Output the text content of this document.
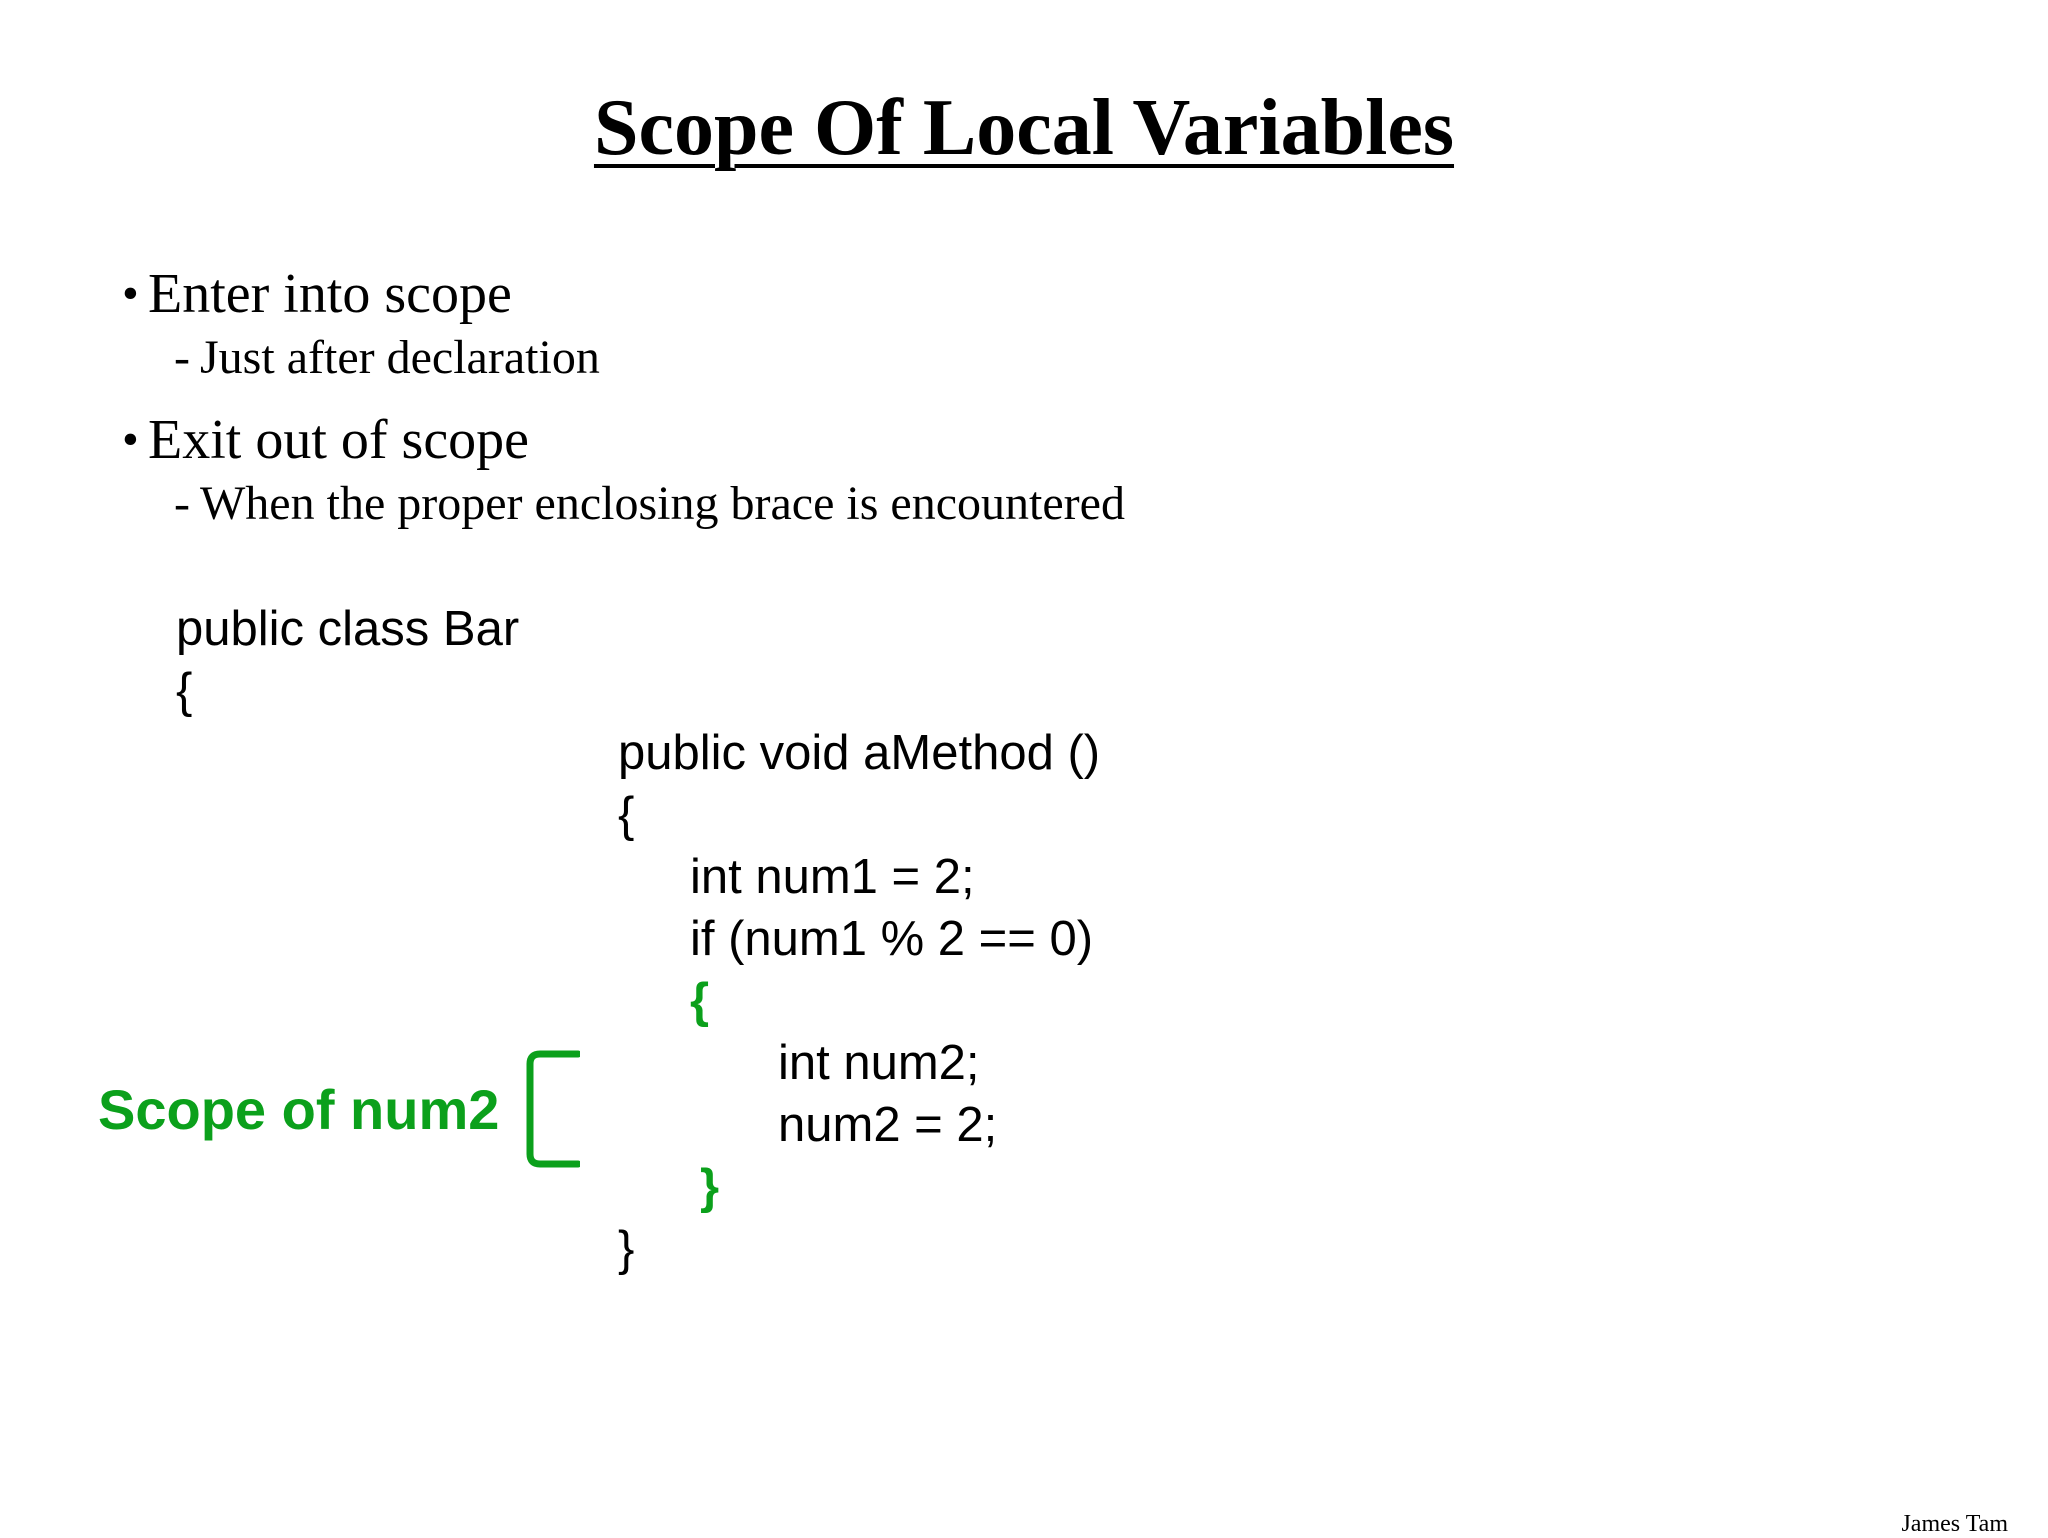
Scope Of Local Variables
• Enter into scope
- Just after declaration
• Exit out of scope
- When the proper enclosing brace is encountered
public class Bar
{
public void aMethod ()
{
int num1 = 2;
if (num1 % 2 == 0)
{
int num2;
num2 = 2;
}
}
Scope of num2
James Tam
